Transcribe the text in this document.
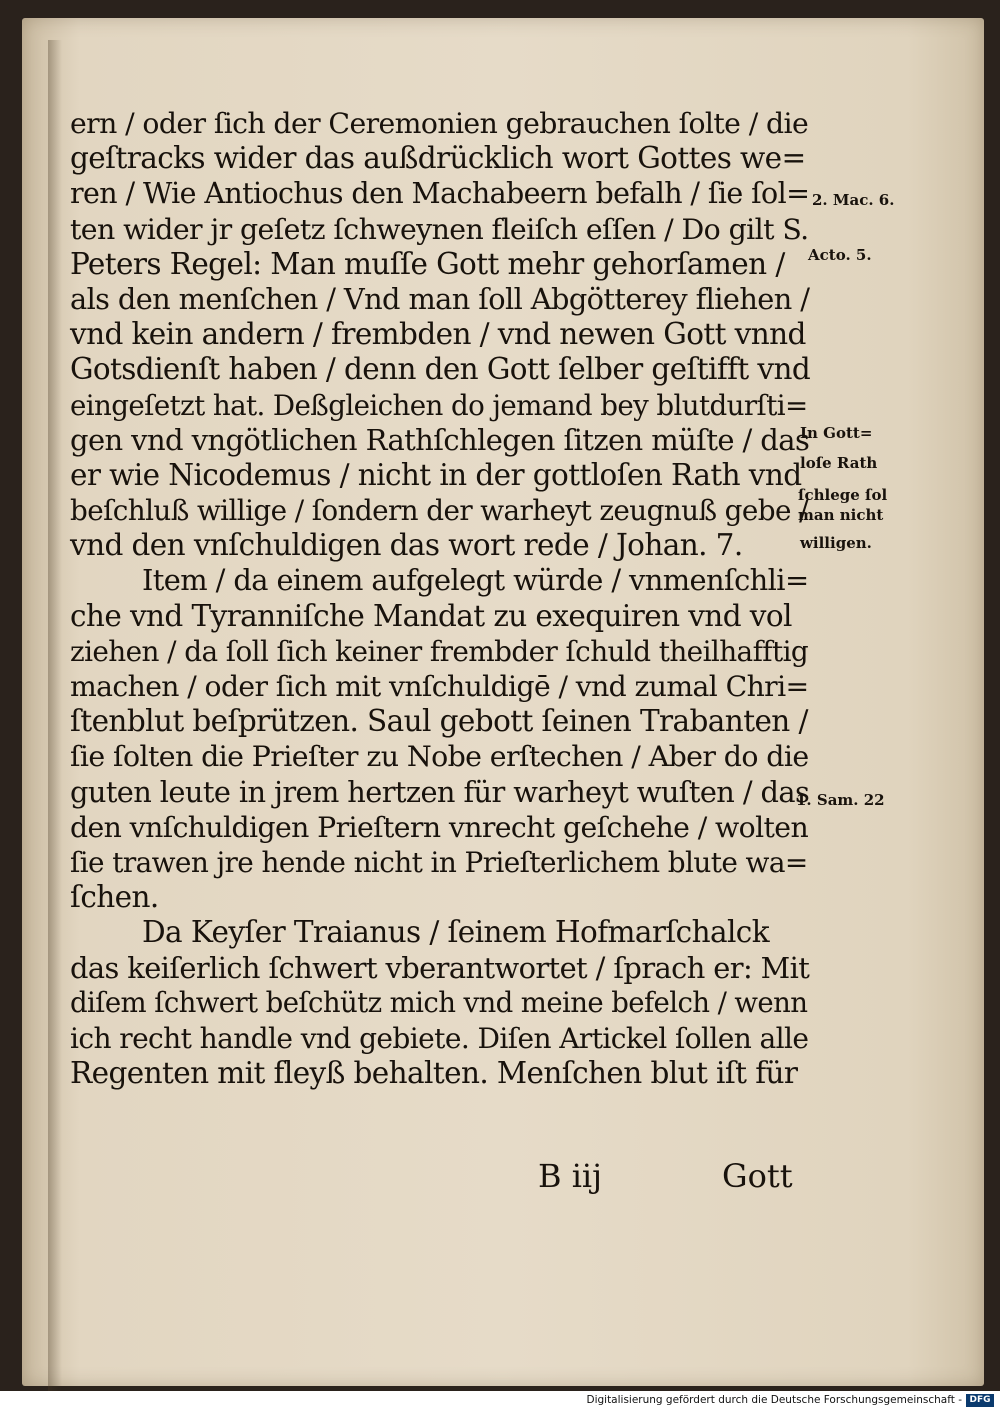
ern / oder ſich der Ceremonien gebrauchen ſolte / die
geſtracks wider das außdrücklich wort Gottes we=
ren / Wie Antiochus den Machabeern befalh / ſie ſol=
ten wider jr geſetz ſchweynen fleiſch eſſen / Do gilt S.
Peters Regel: Man muſſe Gott mehr gehorſamen /
als den menſchen / Vnd man ſoll Abgötterey fliehen /
vnd kein andern / frembden / vnd newen Gott vnnd
Gotsdienſt haben / denn den Gott ſelber geſtifft vnd
eingeſetzt hat. Deßgleichen do jemand bey blutdurſti=
gen vnd vngötlichen Rathſchlegen ſitzen müſte / das
er wie Nicodemus / nicht in der gottloſen Rath vnd
beſchluß willige / ſondern der warheyt zeugnuß gebe /
vnd den vnſchuldigen das wort rede / Johan. 7.
Item / da einem aufgelegt würde / vnmenſchli=
che vnd Tyranniſche Mandat zu exequiren vnd vol
ziehen / da ſoll ſich keiner frembder ſchuld theilhafftig
machen / oder ſich mit vnſchuldigē / vnd zumal Chri=
ſtenblut beſprützen. Saul gebott ſeinen Trabanten /
ſie ſolten die Prieſter zu Nobe erſtechen / Aber do die
guten leute in jrem hertzen für warheyt wuſten / das
den vnſchuldigen Prieſtern vnrecht geſchehe / wolten
ſie trawen jre hende nicht in Prieſterlichem blute wa=
ſchen.
Da Keyſer Traianus / ſeinem Hofmarſchalck
das keiſerlich ſchwert vberantwortet / ſprach er: Mit
diſem ſchwert beſchütz mich vnd meine befelch / wenn
ich recht handle vnd gebiete. Diſen Artickel ſollen alle
Regenten mit fleyß behalten. Menſchen blut iſt für
2. Mac. 6.
Acto. 5.
In Gott=
loſe Rath
ſchlege ſol
man nicht
willigen.
1. Sam. 22
B iij	Gott
Digitalisierung gefördert durch die Deutsche Forschungsgemeinschaft - DFG
